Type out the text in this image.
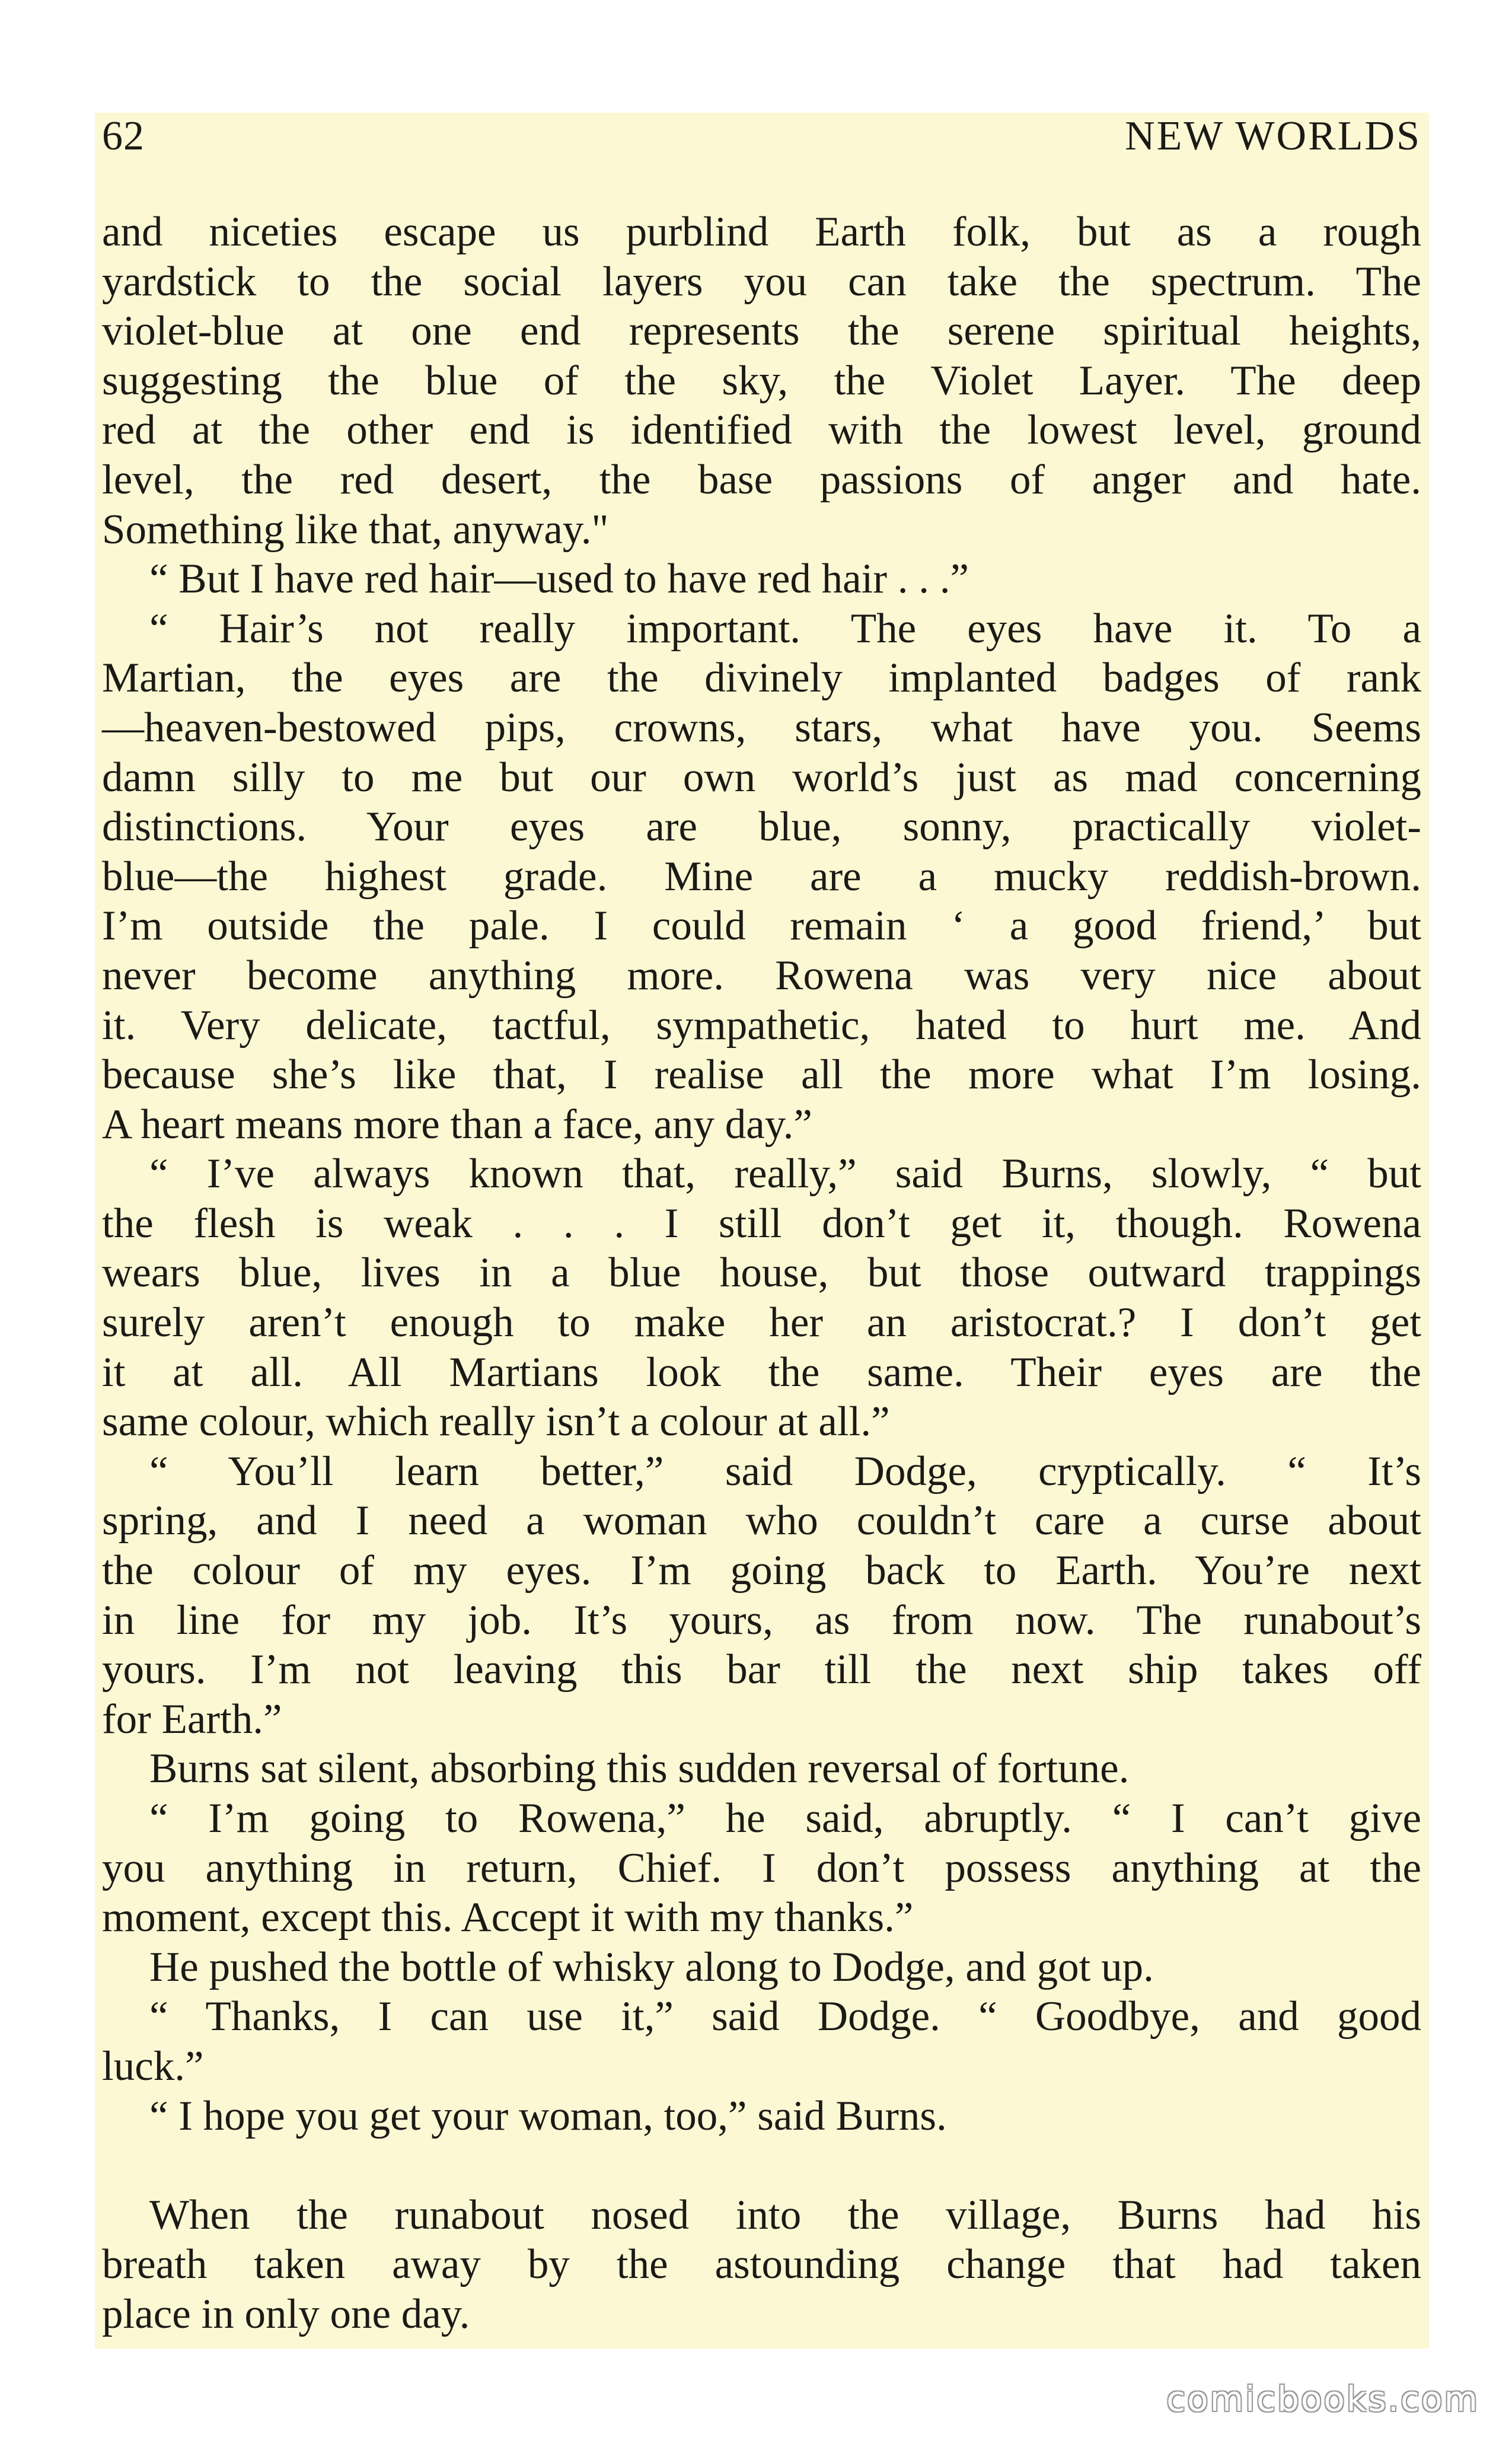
62	NEW WORLDS

and niceties escape us purblind Earth folk, but as a rough

yardstick to the social layers you can take the spectrum. The

violet-blue at one end represents the serene spiritual heights,

suggesting the blue of the sky, the Violet Layer. The deep

red at the other end is identified with the lowest level, ground

level, the red desert, the base passions of anger and hate.

Something like that, anyway."

“ But I have red hair—used to have red hair . . .”

“ Hair’s not really important. The eyes have it. To a

Martian, the eyes are the divinely implanted badges of rank

—heaven-bestowed pips, crowns, stars, what have you. Seems

damn silly to me but our own world’s just as mad concerning

distinctions. Your eyes are blue, sonny, practically violet-

blue—the highest grade. Mine are a mucky reddish-brown.

I’m outside the pale. I could remain ‘ a good friend,’ but

never become anything more. Rowena was very nice about

it. Very delicate, tactful, sympathetic, hated to hurt me. And

because she’s like that, I realise all the more what I’m losing.

A heart means more than a face, any day.”

“ I’ve always known that, really,” said Burns, slowly, “ but

the flesh is weak . . . I still don’t get it, though. Rowena

wears blue, lives in a blue house, but those outward trappings

surely aren’t enough to make her an aristocrat.? I don’t get

it at all. All Martians look the same. Their eyes are the

same colour, which really isn’t a colour at all.”

“ You’ll learn better,” said Dodge, cryptically. “ It’s

spring, and I need a woman who couldn’t care a curse about

the colour of my eyes. I’m going back to Earth. You’re next

in line for my job. It’s yours, as from now. The runabout’s

yours. I’m not leaving this bar till the next ship takes off

for Earth.”

Burns sat silent, absorbing this sudden reversal of fortune.

“ I’m going to Rowena,” he said, abruptly. “ I can’t give

you anything in return, Chief. I don’t possess anything at the

moment, except this. Accept it with my thanks.”

He pushed the bottle of whisky along to Dodge, and got up.

“ Thanks, I can use it,” said Dodge. “ Goodbye, and good

luck.”

“ I hope you get your woman, too,” said Burns.

When the runabout nosed into the village, Burns had his

breath taken away by the astounding change that had taken

place in only one day.

comicbooks.com
